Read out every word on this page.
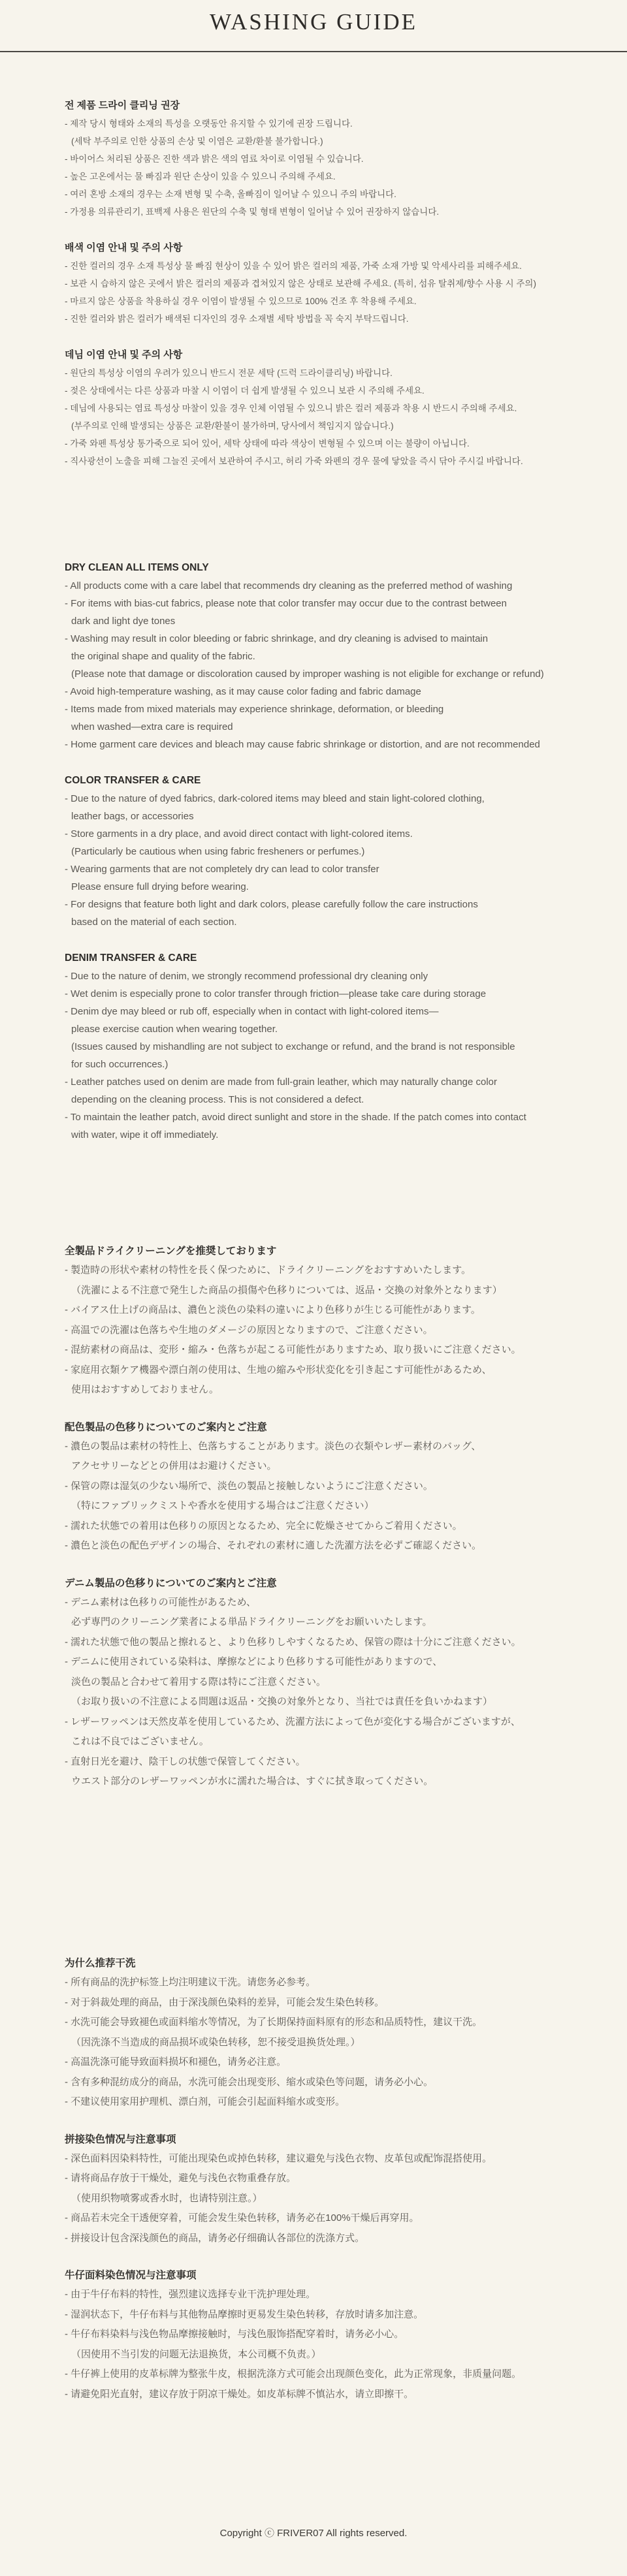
WASHING GUIDE
전 제품 드라이 클리닝 권장
- 제작 당시 형태와 소재의 특성을 오랫동안 유지할 수 있기에 권장 드립니다.
(세탁 부주의로 인한 상품의 손상 및 이염은 교환/환불 불가합니다.)
- 바이어스 처리된 상품은 진한 색과 밝은 색의 염료 차이로 이염될 수 있습니다.
- 높은 고온에서는 물 빠짐과 원단 손상이 있을 수 있으니 주의해 주세요.
- 여러 혼방 소재의 경우는 소재 변형 및 수축, 올빠짐이 일어날 수 있으니 주의 바랍니다.
- 가정용 의류관리기, 표백제 사용은 원단의 수축 및 형태 변형이 일어날 수 있어 권장하지 않습니다.
배색 이염 안내 및 주의 사항
- 진한 컬러의 경우 소재 특성상 물 빠짐 현상이 있을 수 있어 밝은 컬러의 제품, 가죽 소재 가방 및 악세사리를 피해주세요.
- 보관 시 습하지 않은 곳에서 밝은 컬러의 제품과 겹쳐있지 않은 상태로 보관해 주세요. (특히, 섬유 탈취제/향수 사용 시 주의)
- 마르지 않은 상품을 착용하실 경우 이염이 발생될 수 있으므로 100% 건조 후 착용해 주세요.
- 진한 컬러와 밝은 컬러가 배색된 디자인의 경우 소재별 세탁 방법을 꼭 숙지 부탁드립니다.
데님 이염 안내 및 주의 사항
- 원단의 특성상 이염의 우려가 있으니 반드시 전문 세탁 (드럭 드라이클리닝) 바랍니다.
- 젖은 상태에서는 다른 상품과 마찰 시 이염이 더 쉽게 발생될 수 있으니 보관 시 주의해 주세요.
- 데님에 사용되는 염료 특성상 마찰이 있을 경우 인체 이염될 수 있으니 밝은 컬러 제품과 착용 시 반드시 주의해 주세요.
(부주의로 인해 발생되는 상품은 교환/환불이 불가하며, 당사에서 책임지지 않습니다.)
- 가죽 와펜 특성상 통가죽으로 되어 있어, 세탁 상태에 따라 색상이 변형될 수 있으며 이는 불량이 아닙니다.
- 직사광선이 노출을 피해 그늘진 곳에서 보관하여 주시고, 허리 가죽 와펜의 경우 물에 닿았을 즉시 닦아 주시길 바랍니다.
DRY CLEAN ALL ITEMS ONLY
- All products come with a care label that recommends dry cleaning as the preferred method of washing
- For items with bias-cut fabrics, please note that color transfer may occur due to the contrast between
dark and light dye tones
- Washing may result in color bleeding or fabric shrinkage, and dry cleaning is advised to maintain
the original shape and quality of the fabric.
(Please note that damage or discoloration caused by improper washing is not eligible for exchange or refund)
- Avoid high-temperature washing, as it may cause color fading and fabric damage
- Items made from mixed materials may experience shrinkage, deformation, or bleeding
when washed—extra care is required
- Home garment care devices and bleach may cause fabric shrinkage or distortion, and are not recommended
COLOR TRANSFER & CARE
- Due to the nature of dyed fabrics, dark-colored items may bleed and stain light-colored clothing,
leather bags, or accessories
- Store garments in a dry place, and avoid direct contact with light-colored items.
(Particularly be cautious when using fabric fresheners or perfumes.)
- Wearing garments that are not completely dry can lead to color transfer
Please ensure full drying before wearing.
- For designs that feature both light and dark colors, please carefully follow the care instructions
based on the material of each section.
DENIM TRANSFER & CARE
- Due to the nature of denim, we strongly recommend professional dry cleaning only
- Wet denim is especially prone to color transfer through friction—please take care during storage
- Denim dye may bleed or rub off, especially when in contact with light-colored items—
please exercise caution when wearing together.
(Issues caused by mishandling are not subject to exchange or refund, and the brand is not responsible
for such occurrences.)
- Leather patches used on denim are made from full-grain leather, which may naturally change color
depending on the cleaning process. This is not considered a defect.
- To maintain the leather patch, avoid direct sunlight and store in the shade. If the patch comes into contact
with water, wipe it off immediately.
全製品ドライクリーニングを推奨しております
- 製造時の形状や素材の特性を長く保つために、ドライクリーニングをおすすめいたします。
（洗濯による不注意で発生した商品の損傷や色移りについては、返品・交換の対象外となります）
- バイアス仕上げの商品は、濃色と淡色の染料の違いにより色移りが生じる可能性があります。
- 高温での洗濯は色落ちや生地のダメージの原因となりますので、ご注意ください。
- 混紡素材の商品は、変形・縮み・色落ちが起こる可能性がありますため、取り扱いにご注意ください。
- 家庭用衣類ケア機器や漂白剤の使用は、生地の縮みや形状変化を引き起こす可能性があるため、
使用はおすすめしておりません。
配色製品の色移りについてのご案内とご注意
- 濃色の製品は素材の特性上、色落ちすることがあります。淡色の衣類やレザー素材のバッグ、
アクセサリーなどとの併用はお避けください。
- 保管の際は湿気の少ない場所で、淡色の製品と接触しないようにご注意ください。
（特にファブリックミストや香水を使用する場合はご注意ください）
- 濡れた状態での着用は色移りの原因となるため、完全に乾燥させてからご着用ください。
- 濃色と淡色の配色デザインの場合、それぞれの素材に適した洗濯方法を必ずご確認ください。
デニム製品の色移りについてのご案内とご注意
- デニム素材は色移りの可能性があるため、
必ず専門のクリーニング業者による単品ドライクリーニングをお願いいたします。
- 濡れた状態で他の製品と擦れると、より色移りしやすくなるため、保管の際は十分にご注意ください。
- デニムに使用されている染料は、摩擦などにより色移りする可能性がありますので、
淡色の製品と合わせて着用する際は特にご注意ください。
（お取り扱いの不注意による問題は返品・交換の対象外となり、当社では責任を負いかねます）
- レザーワッペンは天然皮革を使用しているため、洗濯方法によって色が変化する場合がございますが、
これは不良ではございません。
- 直射日光を避け、陰干しの状態で保管してください。
ウエスト部分のレザーワッペンが水に濡れた場合は、すぐに拭き取ってください。
为什么推荐干洗
- 所有商品的洗护标签上均注明建议干洗。请您务必参考。
- 对于斜裁处理的商品，由于深浅颜色染料的差异，可能会发生染色转移。
- 水洗可能会导致褪色或面料缩水等情况，为了长期保持面料原有的形态和品质特性，建议干洗。
（因洗涤不当造成的商品损坏或染色转移，恕不接受退换货处理。）
- 高温洗涤可能导致面料损坏和褪色，请务必注意。
- 含有多种混纺成分的商品，水洗可能会出现变形、缩水或染色等问题，请务必小心。
- 不建议使用家用护理机、漂白剂，可能会引起面料缩水或变形。
拼接染色情况与注意事项
- 深色面料因染料特性，可能出现染色或掉色转移，建议避免与浅色衣物、皮革包或配饰混搭使用。
- 请将商品存放于干燥处，避免与浅色衣物重叠存放。
（使用织物喷雾或香水时，也请特别注意。）
- 商品若未完全干透便穿着，可能会发生染色转移，请务必在100%干燥后再穿用。
- 拼接设计包含深浅颜色的商品，请务必仔细确认各部位的洗涤方式。
牛仔面料染色情况与注意事项
- 由于牛仔布料的特性，强烈建议选择专业干洗护理处理。
- 湿润状态下，牛仔布料与其他物品摩擦时更易发生染色转移，存放时请多加注意。
- 牛仔布料染料与浅色物品摩擦接触时，与浅色服饰搭配穿着时，请务必小心。
（因使用不当引发的问题无法退换货，本公司概不负责。）
- 牛仔裤上使用的皮革标牌为整张牛皮，根据洗涤方式可能会出现颜色变化，此为正常现象，非质量问题。
- 请避免阳光直射，建议存放于阴凉干燥处。如皮革标牌不慎沾水，请立即擦干。
Copyright ⓒ FRIVER07 All rights reserved.
